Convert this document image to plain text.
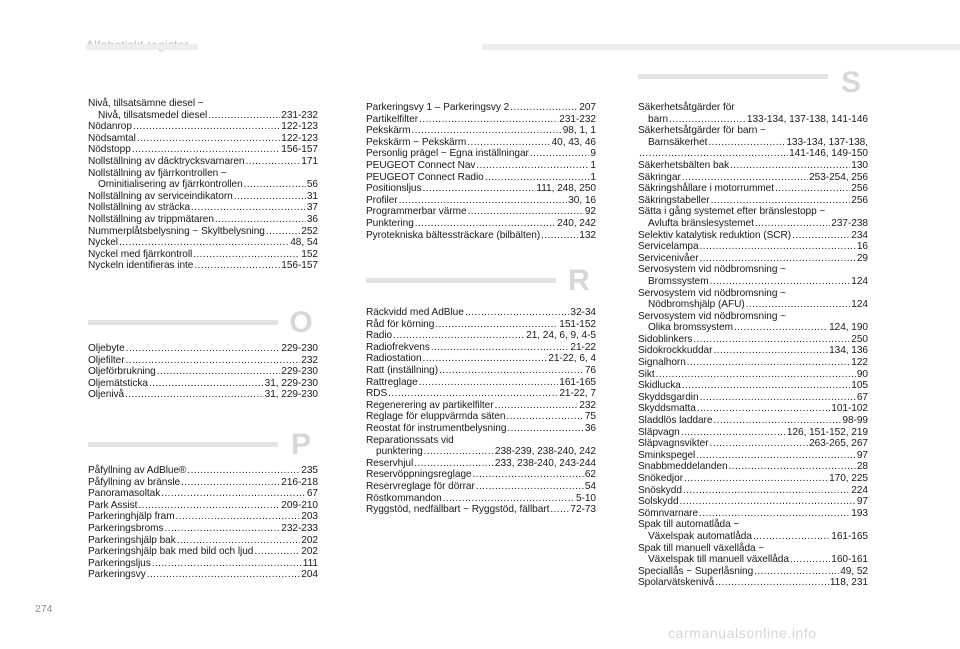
Nivå, tillsatsämne diesel ~
Nivå, tillsatsmedel diesel .....	231-232
Nödanrop .....	122-123
Nödsamtal .....	122-123
Nödstopp .....	156-157
Nollställning av däcktrycksvarnaren .....	171
Nollställning av fjärrkontrollen ~
Ominitialisering av fjärrkontrollen .....	56
Nollställning av serviceindikatorn .....	31
Nollställning av sträcka .....	37
Nollställning av trippmätaren .....	36
Nummerplåtsbelysning ~ Skyltbelysning .....	252
Nyckel .....	48, 54
Nyckel med fjärrkontroll .....	152
Nyckeln identifieras inte .....	156-157
O
Oljebyte .....	229-230
Oljefilter .....	232
Oljeförbrukning .....	229-230
Oljemätsticka .....	31, 229-230
Oljenivå .....	31, 229-230
P
Påfyllning av AdBlue® .....	235
Påfyllning av bränsle .....	216-218
Panoramasoltak .....	67
Park Assist .....	209-210
Parkeringhjälp fram .....	203
Parkeringsbroms .....	232-233
Parkeringshjälp bak .....	202
Parkeringshjälp bak med bild och ljud .....	202
Parkeringsljus .....	111
Parkeringsvy .....	204
Parkeringsvy 1 – Parkeringsvy 2 .....	207
Partikelfilter .....	231-232
Pekskärm .....	98, 1, 1
Pekskärm ~ Pekskärm .....	40, 43, 46
Personlig prägel ~ Egna inställningar .....	9
PEUGEOT Connect Nav .....	1
PEUGEOT Connect Radio .....	1
Positionsljus .....	111, 248, 250
Profiler .....	30, 16
Programmerbar värme .....	92
Punktering .....	240, 242
Pyrotekniska bältessträckare (bilbälten) .....	132
R
Räckvidd med AdBlue .....	32-34
Råd för körning .....	151-152
Radio .....	21, 24, 6, 9, 4-5
Radiofrekvens .....	21-22
Radiostation .....	21-22, 6, 4
Ratt (inställning) .....	76
Rattreglage .....	161-165
RDS .....	21-22, 7
Regenerering av partikelfilter .....	232
Reglage för eluppvärmda säten .....	75
Reostat för instrumentbelysning .....	36
Reparationssats vid
punktering .....	238-239, 238-240, 242
Reservhjul .....	233, 238-240, 243-244
Reservöppningsreglage .....	62
Reservreglage för dörrar .....	54
Röstkommandon .....	5-10
Ryggstöd, nedfällbart ~ Ryggstöd, fällbart ..... 72-73
S
Säkerhetsåtgärder för
barn .....	133-134, 137-138, 141-146
Säkerhetsåtgärder för barn ~
Barnsäkerhet .....	133-134, 137-138,
.....
141-146, 149-150
Säkerhetsbälten bak .....	130
Säkringar .....	253-254, 256
Säkringshållare i motorrummet .....	256
Säkringstabeller .....	256
Sätta i gång systemet efter bränslestopp ~
Avlufta bränslesystemet .....	237-238
Selektiv katalytisk reduktion (SCR) .....	234
Servicelampa .....	16
Servicenivåer .....	29
Servosystem vid nödbromsning ~
Bromssystem .....	124
Servosystem vid nödbromsning ~
Nödbromshjälp (AFU) .....	124
Servosystem vid nödbromsning ~
Olika bromssystem .....	124, 190
Sidoblinkers .....	250
Sidokrockkuddar .....	134, 136
Signalhorn .....	122
Sikt .....	90
Skidlucka .....	105
Skyddsgardin .....	67
Skyddsmatta .....	101-102
Sladdlös laddare .....	98-99
Släpvagn .....	126, 151-152, 219
Släpvagnsvikter .....	263-265, 267
Sminkspegel .....	97
Snabbmeddelanden .....	28
Snökedjor .....	170, 225
Snöskydd .....	224
Solskydd .....	97
Sömnvarnare .....	193
Spak till automatlåda ~
Växelspak automatlåda .....	161-165
Spak till manuell växellåda ~
Växelspak till manuell växellåda .....	160-161
Speciallås ~ Superlåsning .....	49, 52
Spolarvätskenivå .....	118, 231
274
carmanualsonline.info
